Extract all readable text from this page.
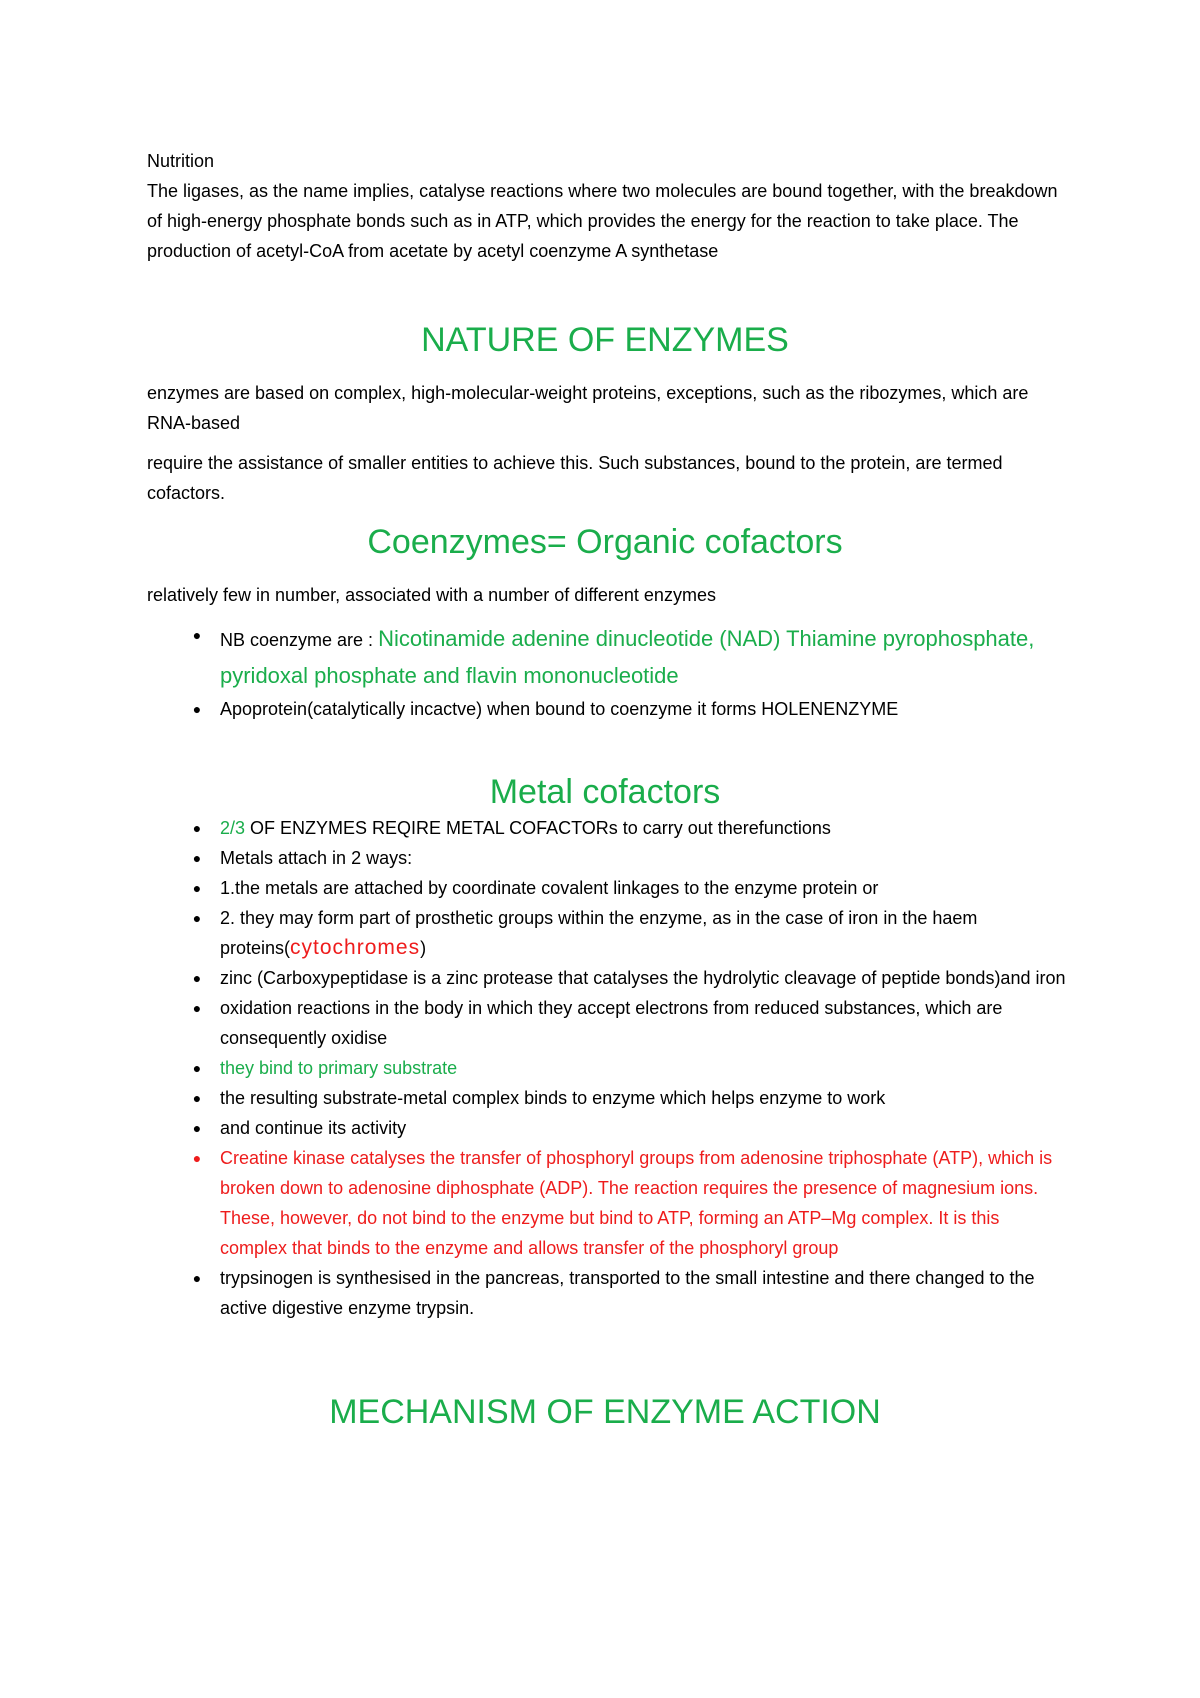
Nutrition
The ligases, as the name implies, catalyse reactions where two molecules are bound together, with the breakdown of high-energy phosphate bonds such as in ATP, which provides the energy for the reaction to take place. The production of acetyl-CoA from acetate by acetyl coenzyme A synthetase
NATURE OF ENZYMES
enzymes are based on complex, high-molecular-weight proteins, exceptions, such as the ribozymes, which are RNA-based
require the assistance of smaller entities to achieve this. Such substances, bound to the protein, are termed cofactors.
Coenzymes= Organic cofactors
relatively few in number, associated with a number of different enzymes
●	NB coenzyme are : Nicotinamide adenine dinucleotide (NAD) Thiamine pyrophosphate, pyridoxal phosphate and flavin mononucleotide
●	Apoprotein(catalytically incactve) when bound to coenzyme it forms HOLENENZYME
Metal cofactors
●	2/3 OF ENZYMES REQIRE METAL COFACTORs to carry out therefunctions
●	Metals attach in 2 ways:
●	1.the metals are attached by coordinate covalent linkages to the enzyme protein or
●	2. they may form part of prosthetic groups within the enzyme, as in the case of iron in the haem proteins(cytochromes)
●	zinc (Carboxypeptidase is a zinc protease that catalyses the hydrolytic cleavage of peptide bonds)and iron
●	oxidation reactions in the body in which they accept electrons from reduced substances, which are consequently oxidise
●	they bind to primary substrate
●	the resulting substrate-metal complex binds to enzyme which helps enzyme to work
●	and continue its activity
●	Creatine kinase catalyses the transfer of phosphoryl groups from adenosine triphosphate (ATP), which is broken down to adenosine diphosphate (ADP). The reaction requires the presence of magnesium ions. These, however, do not bind to the enzyme but bind to ATP, forming an ATP–Mg complex. It is this complex that binds to the enzyme and allows transfer of the phosphoryl group
●	trypsinogen is synthesised in the pancreas, transported to the small intestine and there changed to the active digestive enzyme trypsin.
MECHANISM OF ENZYME ACTION
